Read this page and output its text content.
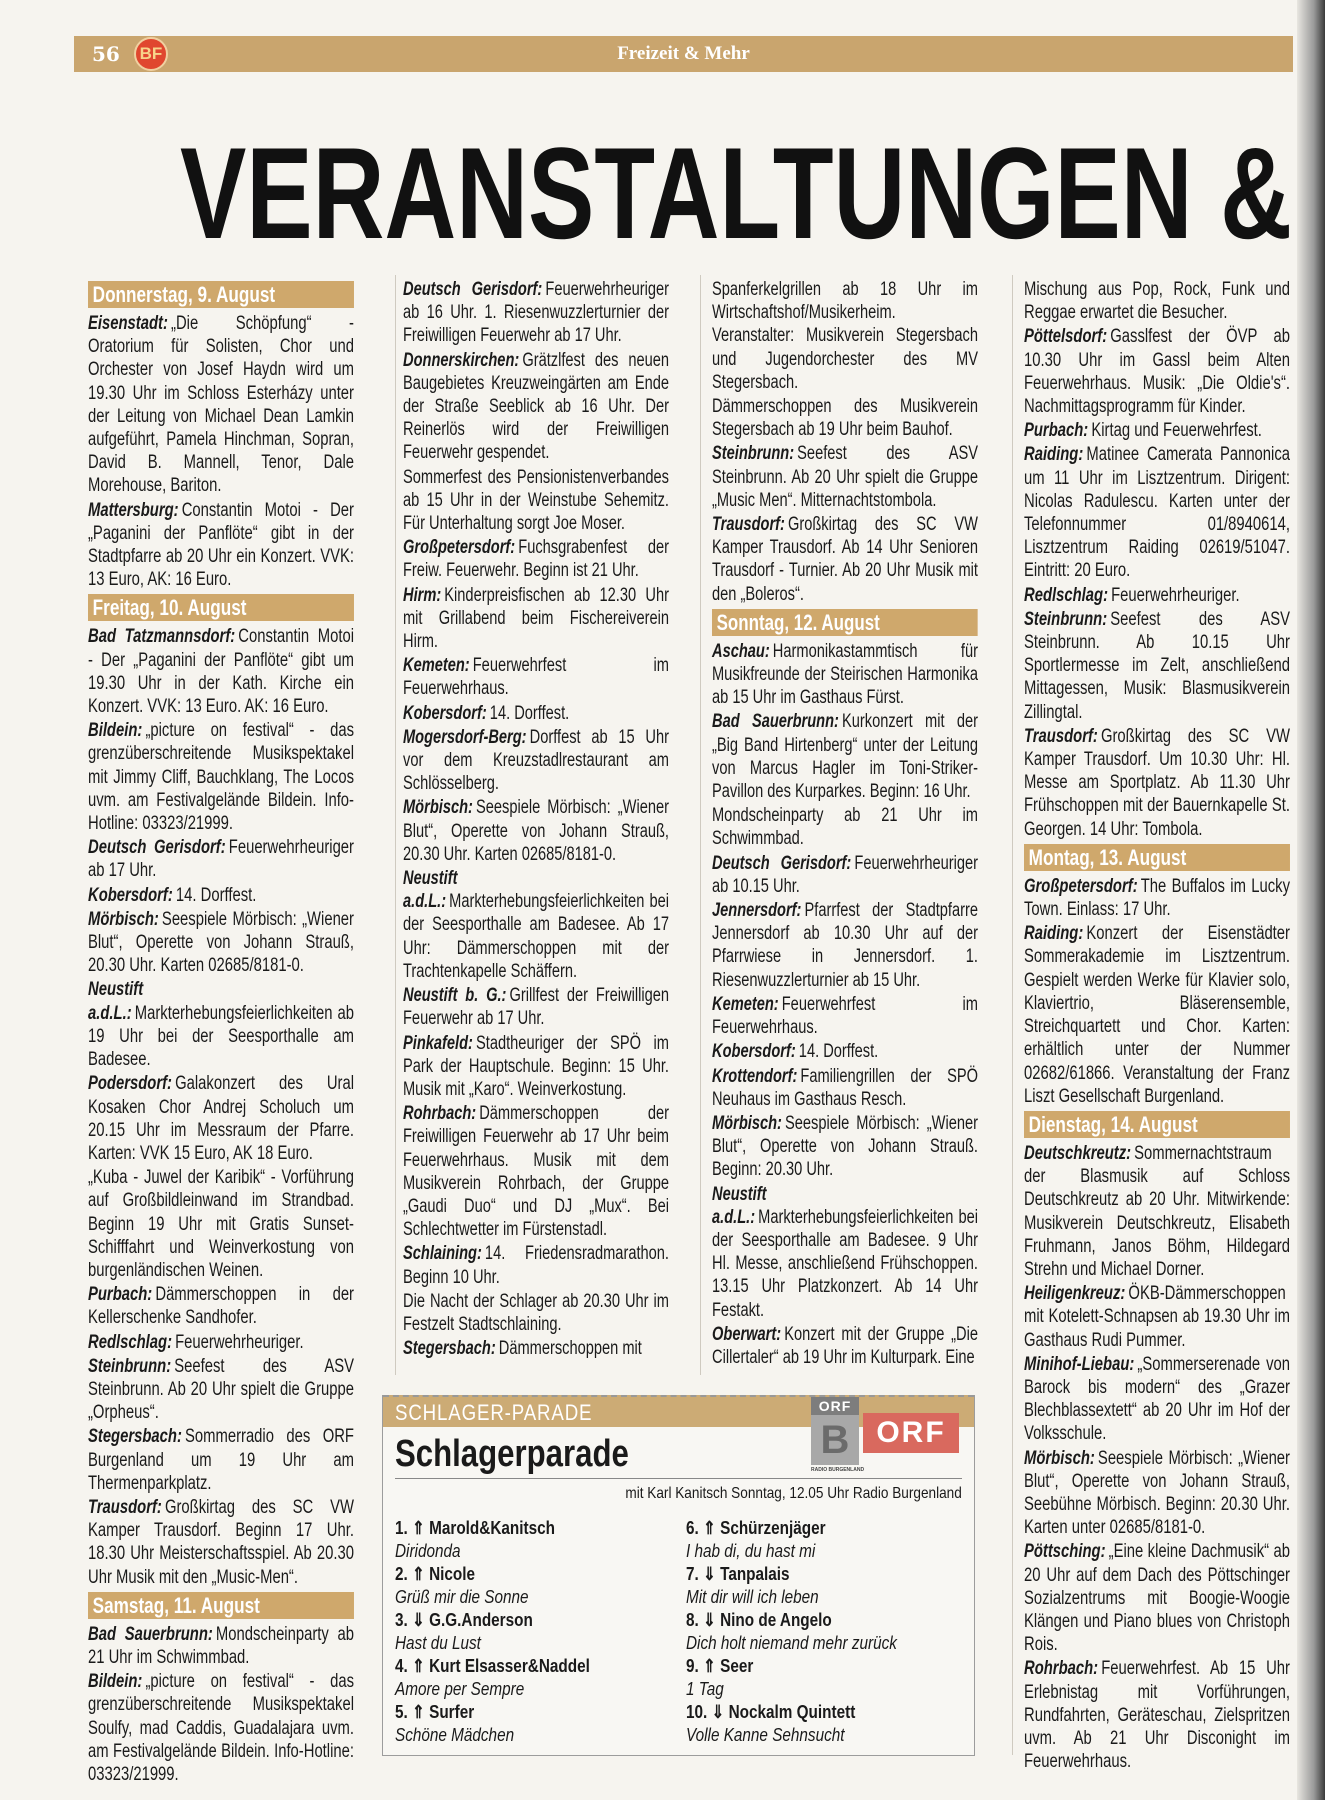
56	BF	Freizeit & Mehr
VERANSTALTUNGEN &
Donnerstag, 9. August

Eisenstadt: „Die Schöpfung“ - Oratorium für Solisten, Chor und Orchester von Josef Haydn wird um 19.30 Uhr im Schloss Esterházy unter der Leitung von Michael Dean Lamkin aufgeführt, Pamela Hinchman, Sopran, David B. Mannell, Tenor, Dale Morehouse, Bariton.

Mattersburg: Constantin Motoi - Der „Paganini der Panflöte“ gibt in der Stadtpfarre ab 20 Uhr ein Konzert. VVK: 13 Euro, AK: 16 Euro.

Freitag, 10. August

Bad Tatzmannsdorf: Constantin Motoi - Der „Paganini der Panflöte“ gibt um 19.30 Uhr in der Kath. Kirche ein Konzert. VVK: 13 Euro. AK: 16 Euro.

Bildein: „picture on festival“ - das grenzüberschreitende Musikspektakel mit Jimmy Cliff, Bauchklang, The Locos uvm. am Festivalgelände Bildein. Info-Hotline: 03323/21999.

Deutsch Gerisdorf: Feuerwehrheuriger ab 17 Uhr.

Kobersdorf: 14. Dorffest.

Mörbisch: Seespiele Mörbisch: „Wiener Blut“, Operette von Johann Strauß, 20.30 Uhr. Karten 02685/8181-0.

Neustift a.d.L.: Markterhebungsfeierlichkeiten ab 19 Uhr bei der Seesporthalle am Badesee.

Podersdorf: Galakonzert des Ural Kosaken Chor Andrej Scholuch um 20.15 Uhr im Messraum der Pfarre. Karten: VVK 15 Euro, AK 18 Euro.

„Kuba - Juwel der Karibik“ - Vorführung auf Großbildleinwand im Strandbad. Beginn 19 Uhr mit Gratis Sunset-Schifffahrt und Weinverkostung von burgenländischen Weinen.

Purbach: Dämmerschoppen in der Kellerschenke Sandhofer.

Redlschlag: Feuerwehrheuriger.

Steinbrunn: Seefest des ASV Steinbrunn. Ab 20 Uhr spielt die Gruppe „Orpheus“.

Stegersbach: Sommerradio des ORF Burgenland um 19 Uhr am Thermenparkplatz.

Trausdorf: Großkirtag des SC VW Kamper Trausdorf. Beginn 17 Uhr. 18.30 Uhr Meisterschaftsspiel. Ab 20.30 Uhr Musik mit den „Music-Men“.

Samstag, 11. August

Bad Sauerbrunn: Mondscheinparty ab 21 Uhr im Schwimmbad.

Bildein: „picture on festival“ - das grenzüberschreitende Musikspektakel Soulfy, mad Caddis, Guadalajara uvm. am Festivalgelände Bildein. Info-Hotline: 03323/21999.

Deutsch Gerisdorf: Feuerwehrheuriger ab 16 Uhr. 1. Riesenwuzzlerturnier der Freiwilligen Feuerwehr ab 17 Uhr.

Donnerskirchen: Grätzlfest des neuen Baugebietes Kreuzweingärten am Ende der Straße Seeblick ab 16 Uhr. Der Reinerlös wird der Freiwilligen Feuerwehr gespendet.

Sommerfest des Pensionistenverbandes ab 15 Uhr in der Weinstube Sehemitz. Für Unterhaltung sorgt Joe Moser.

Großpetersdorf: Fuchsgrabenfest der Freiw. Feuerwehr. Beginn ist 21 Uhr.

Hirm: Kinderpreisfischen ab 12.30 Uhr mit Grillabend beim Fischereiverein Hirm.

Kemeten: Feuerwehrfest im Feuerwehrhaus.

Kobersdorf: 14. Dorffest.

Mogersdorf-Berg: Dorffest ab 15 Uhr vor dem Kreuzstadlrestaurant am Schlösselberg.

Mörbisch: Seespiele Mörbisch: „Wiener Blut“, Operette von Johann Strauß, 20.30 Uhr. Karten 02685/8181-0.

Neustift a.d.L.: Markterhebungsfeierlichkeiten bei der Seesporthalle am Badesee. Ab 17 Uhr: Dämmerschoppen mit der Trachtenkapelle Schäffern.

Neustift b. G.: Grillfest der Freiwilligen Feuerwehr ab 17 Uhr.

Pinkafeld: Stadtheuriger der SPÖ im Park der Hauptschule. Beginn: 15 Uhr. Musik mit „Karo“. Weinverkostung.

Rohrbach: Dämmerschoppen der Freiwilligen Feuerwehr ab 17 Uhr beim Feuerwehrhaus. Musik mit dem Musikverein Rohrbach, der Gruppe „Gaudi Duo“ und DJ „Mux“. Bei Schlechtwetter im Fürstenstadl.

Schlaining: 14. Friedensradmarathon. Beginn 10 Uhr.

Die Nacht der Schlager ab 20.30 Uhr im Festzelt Stadtschlaining.

Stegersbach: Dämmerschoppen mit

Spanferkelgrillen ab 18 Uhr im Wirtschaftshof/Musikerheim. Veranstalter: Musikverein Stegersbach und Jugendorchester des MV Stegersbach.

Dämmerschoppen des Musikverein Stegersbach ab 19 Uhr beim Bauhof.

Steinbrunn: Seefest des ASV Steinbrunn. Ab 20 Uhr spielt die Gruppe „Music Men“. Mitternachtstombola.

Trausdorf: Großkirtag des SC VW Kamper Trausdorf. Ab 14 Uhr Senioren Trausdorf - Turnier. Ab 20 Uhr Musik mit den „Boleros“.

Sonntag, 12. August

Aschau: Harmonikastammtisch für Musikfreunde der Steirischen Harmonika ab 15 Uhr im Gasthaus Fürst.

Bad Sauerbrunn: Kurkonzert mit der „Big Band Hirtenberg“ unter der Leitung von Marcus Hagler im Toni-Striker-Pavillon des Kurparkes. Beginn: 16 Uhr.

Mondscheinparty ab 21 Uhr im Schwimmbad.

Deutsch Gerisdorf: Feuerwehrheuriger ab 10.15 Uhr.

Jennersdorf: Pfarrfest der Stadtpfarre Jennersdorf ab 10.30 Uhr auf der Pfarrwiese in Jennersdorf. 1. Riesenwuzzlerturnier ab 15 Uhr.

Kemeten: Feuerwehrfest im Feuerwehrhaus.

Kobersdorf: 14. Dorffest.

Krottendorf: Familiengrillen der SPÖ Neuhaus im Gasthaus Resch.

Mörbisch: Seespiele Mörbisch: „Wiener Blut“, Operette von Johann Strauß. Beginn: 20.30 Uhr.

Neustift a.d.L.: Markterhebungsfeierlichkeiten bei der Seesporthalle am Badesee. 9 Uhr Hl. Messe, anschließend Frühschoppen. 13.15 Uhr Platzkonzert. Ab 14 Uhr Festakt.

Oberwart: Konzert mit der Gruppe „Die Cillertaler“ ab 19 Uhr im Kulturpark. Eine

Mischung aus Pop, Rock, Funk und Reggae erwartet die Besucher.

Pöttelsdorf: Gasslfest der ÖVP ab 10.30 Uhr im Gassl beim Alten Feuerwehrhaus. Musik: „Die Oldie's“. Nachmittagsprogramm für Kinder.

Purbach: Kirtag und Feuerwehrfest.

Raiding: Matinee Camerata Pannonica um 11 Uhr im Lisztzentrum. Dirigent: Nicolas Radulescu. Karten unter der Telefonnummer 01/8940614, Lisztzentrum Raiding 02619/51047. Eintritt: 20 Euro.

Redlschlag: Feuerwehrheuriger.

Steinbrunn: Seefest des ASV Steinbrunn. Ab 10.15 Uhr Sportlermesse im Zelt, anschließend Mittagessen, Musik: Blasmusikverein Zillingtal.

Trausdorf: Großkirtag des SC VW Kamper Trausdorf. Um 10.30 Uhr: Hl. Messe am Sportplatz. Ab 11.30 Uhr Frühschoppen mit der Bauernkapelle St. Georgen. 14 Uhr: Tombola.

Montag, 13. August

Großpetersdorf: The Buffalos im Lucky Town. Einlass: 17 Uhr.

Raiding: Konzert der Eisenstädter Sommerakademie im Lisztzentrum. Gespielt werden Werke für Klavier solo, Klaviertrio, Bläserensemble, Streichquartett und Chor. Karten: erhältlich unter der Nummer 02682/61866. Veranstaltung der Franz Liszt Gesellschaft Burgenland.

Dienstag, 14. August

Deutschkreutz: Sommernachtstraum der Blasmusik auf Schloss Deutschkreutz ab 20 Uhr. Mitwirkende: Musikverein Deutschkreutz, Elisabeth Fruhmann, Janos Böhm, Hildegard Strehn und Michael Dorner.

Heiligenkreuz: ÖKB-Dämmerschoppen mit Kotelett-Schnapsen ab 19.30 Uhr im Gasthaus Rudi Pummer.

Minihof-Liebau: „Sommerserenade von Barock bis modern“ des „Grazer Blechblassextett“ ab 20 Uhr im Hof der Volksschule.

Mörbisch: Seespiele Mörbisch: „Wiener Blut“, Operette von Johann Strauß, Seebühne Mörbisch. Beginn: 20.30 Uhr. Karten unter 02685/8181-0.

Pöttsching: „Eine kleine Dachmusik“ ab 20 Uhr auf dem Dach des Pöttschinger Sozialzentrums mit Boogie-Woogie Klängen und Piano blues von Christoph Rois.

Rohrbach: Feuerwehrfest. Ab 15 Uhr Erlebnistag mit Vorführungen, Rundfahrten, Geräteschau, Zielspritzen uvm. Ab 21 Uhr Disconight im Feuerwehrhaus.

SCHLAGER-PARADE	ORF
B
RADIO BURGENLAND
ORF
Schlagerparade
mit Karl Kanitsch Sonntag, 12.05 Uhr Radio Burgenland
1. ⇑ Marold&Kanitsch
Diridonda
2. ⇑ Nicole
Grüß mir die Sonne
3. ⇓ G.G.Anderson
Hast du Lust
4. ⇑ Kurt Elsasser&Naddel
Amore per Sempre
5. ⇑ Surfer
Schöne Mädchen
6. ⇑ Schürzenjäger
I hab di, du hast mi
7. ⇓ Tanpalais
Mit dir will ich leben
8. ⇓ Nino de Angelo
Dich holt niemand mehr zurück
9. ⇑ Seer
1 Tag
10. ⇓ Nockalm Quintett
Volle Kanne Sehnsucht
